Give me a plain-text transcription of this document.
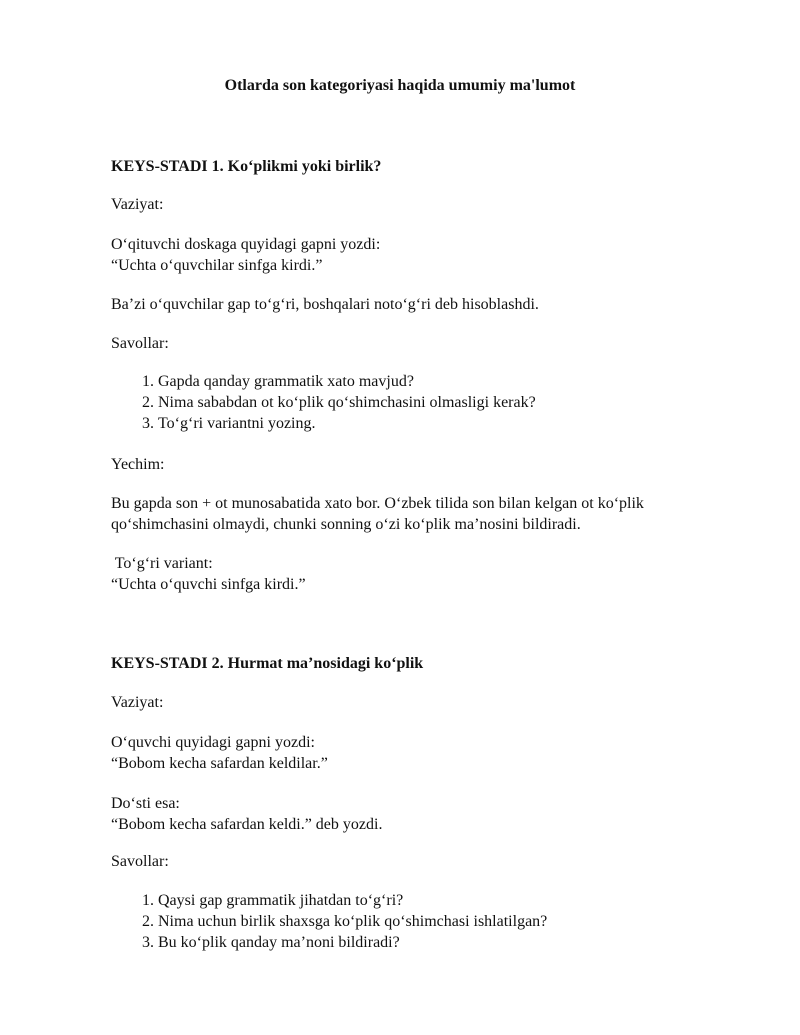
Otlarda son kategoriyasi haqida umumiy ma'lumot
KEYS-STADI 1. Ko‘plikmi yoki birlik?
Vaziyat:
O‘qituvchi doskaga quyidagi gapni yozdi:
“Uchta o‘quvchilar sinfga kirdi.”
Ba’zi o‘quvchilar gap to‘g‘ri, boshqalari noto‘g‘ri deb hisoblashdi.
Savollar:
1. Gapda qanday grammatik xato mavjud?
2. Nima sababdan ot ko‘plik qo‘shimchasini olmasligi kerak?
3. To‘g‘ri variantni yozing.
Yechim:
Bu gapda son + ot munosabatida xato bor. O‘zbek tilida son bilan kelgan ot ko‘plik
qo‘shimchasini olmaydi, chunki sonning o‘zi ko‘plik ma’nosini bildiradi.
To‘g‘ri variant:
“Uchta o‘quvchi sinfga kirdi.”
KEYS-STADI 2. Hurmat ma’nosidagi ko‘plik
Vaziyat:
O‘quvchi quyidagi gapni yozdi:
“Bobom kecha safardan keldilar.”
Do‘sti esa:
“Bobom kecha safardan keldi.” deb yozdi.
Savollar:
1. Qaysi gap grammatik jihatdan to‘g‘ri?
2. Nima uchun birlik shaxsga ko‘plik qo‘shimchasi ishlatilgan?
3. Bu ko‘plik qanday ma’noni bildiradi?
